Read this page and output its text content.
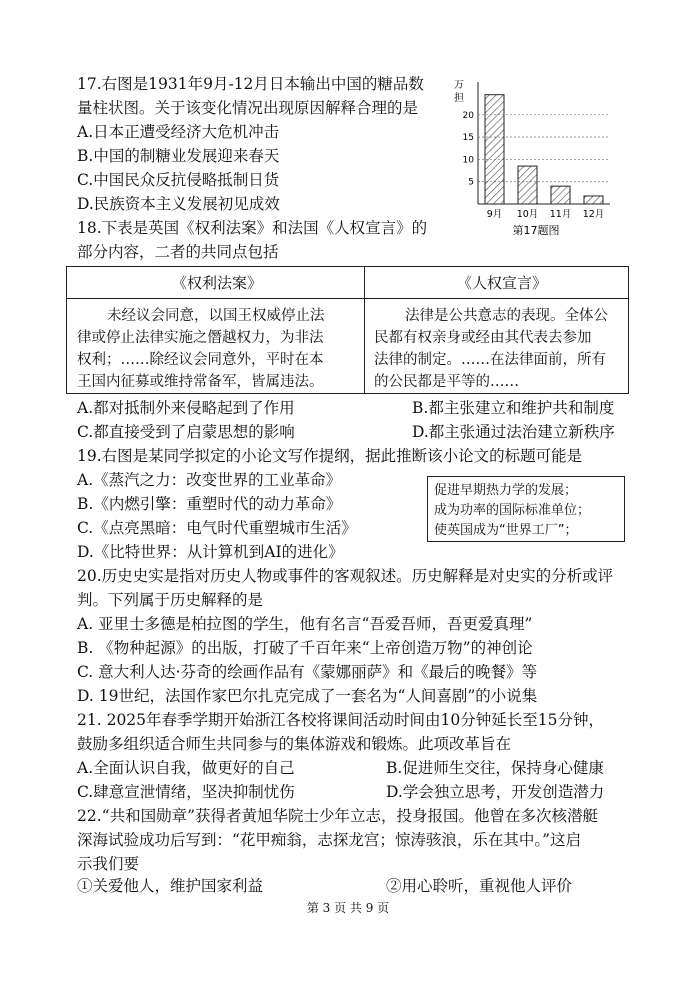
17.右图是1931年9月-12月日本输出中国的糖品数
量柱状图。关于该变化情况出现原因解释合理的是
A.日本正遭受经济大危机冲击
B.中国的制糖业发展迎来春天
C.中国民众反抗侵略抵制日货
D.民族资本主义发展初见成效
万
担
5
10
15
20
9月 10月 11月 12月
第17题图
18.下表是英国《权利法案》和法国《人权宣言》的
部分内容，二者的共同点包括
《权利法案》	《人权宣言》
未经议会同意，以国王权威停止法
律或停止法律实施之僭越权力，为非法
权利；……除经议会同意外，平时在本
王国内征募或维持常备军，皆属违法。
法律是公共意志的表现。全体公
民都有权亲身或经由其代表去参加
法律的制定。……在法律面前，所有
的公民都是平等的……
A.都对抵制外来侵略起到了作用	B.都主张建立和维护共和制度
C.都直接受到了启蒙思想的影响	D.都主张通过法治建立新秩序
19.右图是某同学拟定的小论文写作提纲，据此推断该小论文的标题可能是
A.《蒸汽之力：改变世界的工业革命》
B.《内燃引擎：重塑时代的动力革命》
C.《点亮黑暗：电气时代重塑城市生活》
D.《比特世界：从计算机到AI的进化》
促进早期热力学的发展；
成为功率的国际标准单位；
使英国成为“世界工厂”；
20.历史史实是指对历史人物或事件的客观叙述。历史解释是对史实的分析或评
判。下列属于历史解释的是
A. 亚里士多德是柏拉图的学生，他有名言“吾爱吾师，吾更爱真理”
B. 《物种起源》的出版，打破了千百年来“上帝创造万物”的神创论
C. 意大利人达·芬奇的绘画作品有《蒙娜丽萨》和《最后的晚餐》等
D. 19世纪，法国作家巴尔扎克完成了一套名为“人间喜剧”的小说集
21. 2025年春季学期开始浙江各校将课间活动时间由10分钟延长至15分钟，
鼓励多组织适合师生共同参与的集体游戏和锻炼。此项改革旨在
A.全面认识自我，做更好的自己	B.促进师生交往，保持身心健康
C.肆意宣泄情绪，坚决抑制忧伤	D.学会独立思考，开发创造潜力
22.“共和国勋章”获得者黄旭华院士少年立志，投身报国。他曾在多次核潜艇
深海试验成功后写到：“花甲痴翁，志探龙宫；惊涛骇浪，乐在其中。”这启
示我们要
①关爱他人，维护国家利益	②用心聆听，重视他人评价
第 3 页 共 9 页
